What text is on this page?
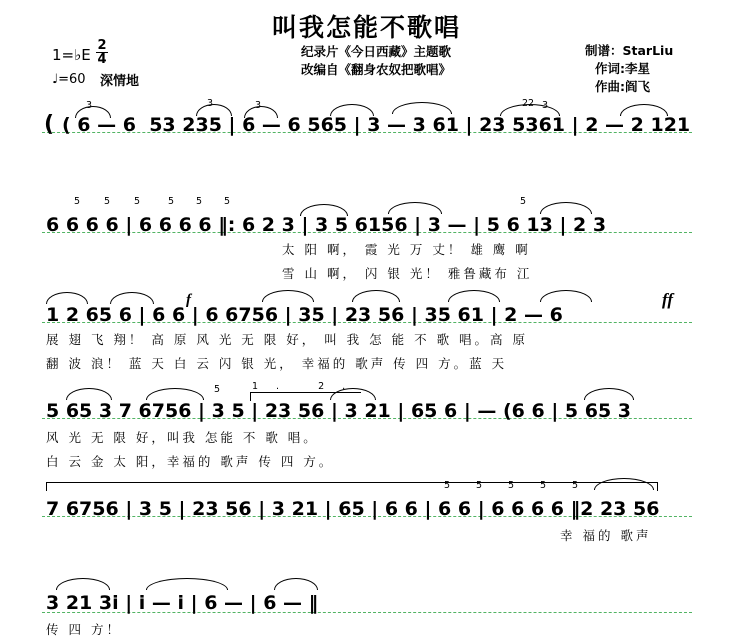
叫我怎能不歌唱
纪录片《今日西藏》主题歌
改编自《翻身农奴把歌唱》
制谱：StarLiu
作词:李星
作曲:阎飞
1=♭E
2
4
♩=60 深情地
3	3	3	22 3
( ( 6 — 6  53 235 | 6 — 6 565 | 3 — 3 61 | 23 5361 | 2 — 2 121
5	5	5	5 5 5	5
6 6 6 6 | 6 6 6 6 ‖: 6 2 3 | 3 5 6156 | 3 — | 5 6 13 | 2 3
太 阳 啊， 霞 光 万 丈！ 雄 鹰 啊
雪 山 啊， 闪 银 光！ 雅鲁藏布 江
f	ff
1 2 65 6 | 6 6 | 6 6756 | 35 | 23 56 | 35 61 | 2 — 6
展 翅 飞 翔！ 高 原 风 光 无 限 好， 叫 我 怎 能 不 歌 唱。高 原
翻 波 浪！ 蓝 天 白 云 闪 银 光， 幸福的 歌声 传 四 方。蓝 天
5	1. 2.
5 65 3 7 6756 | 3 5 | 23 56 | 3 21 | 65 6 | — (6 6 | 5 65 3
风 光 无 限 好，叫我 怎能 不 歌 唱。
白 云 金 太 阳，幸福的 歌声 传 四 方。
5	5	5	5	5
7 6756 | 3 5 | 23 56 | 3 21 | 65 | 6 6 | 6 6 | 6 6 6 6 ‖2 23 56
幸 福的 歌声
3 21 3i | i — i | 6 — | 6 — ‖
传 四 方！
